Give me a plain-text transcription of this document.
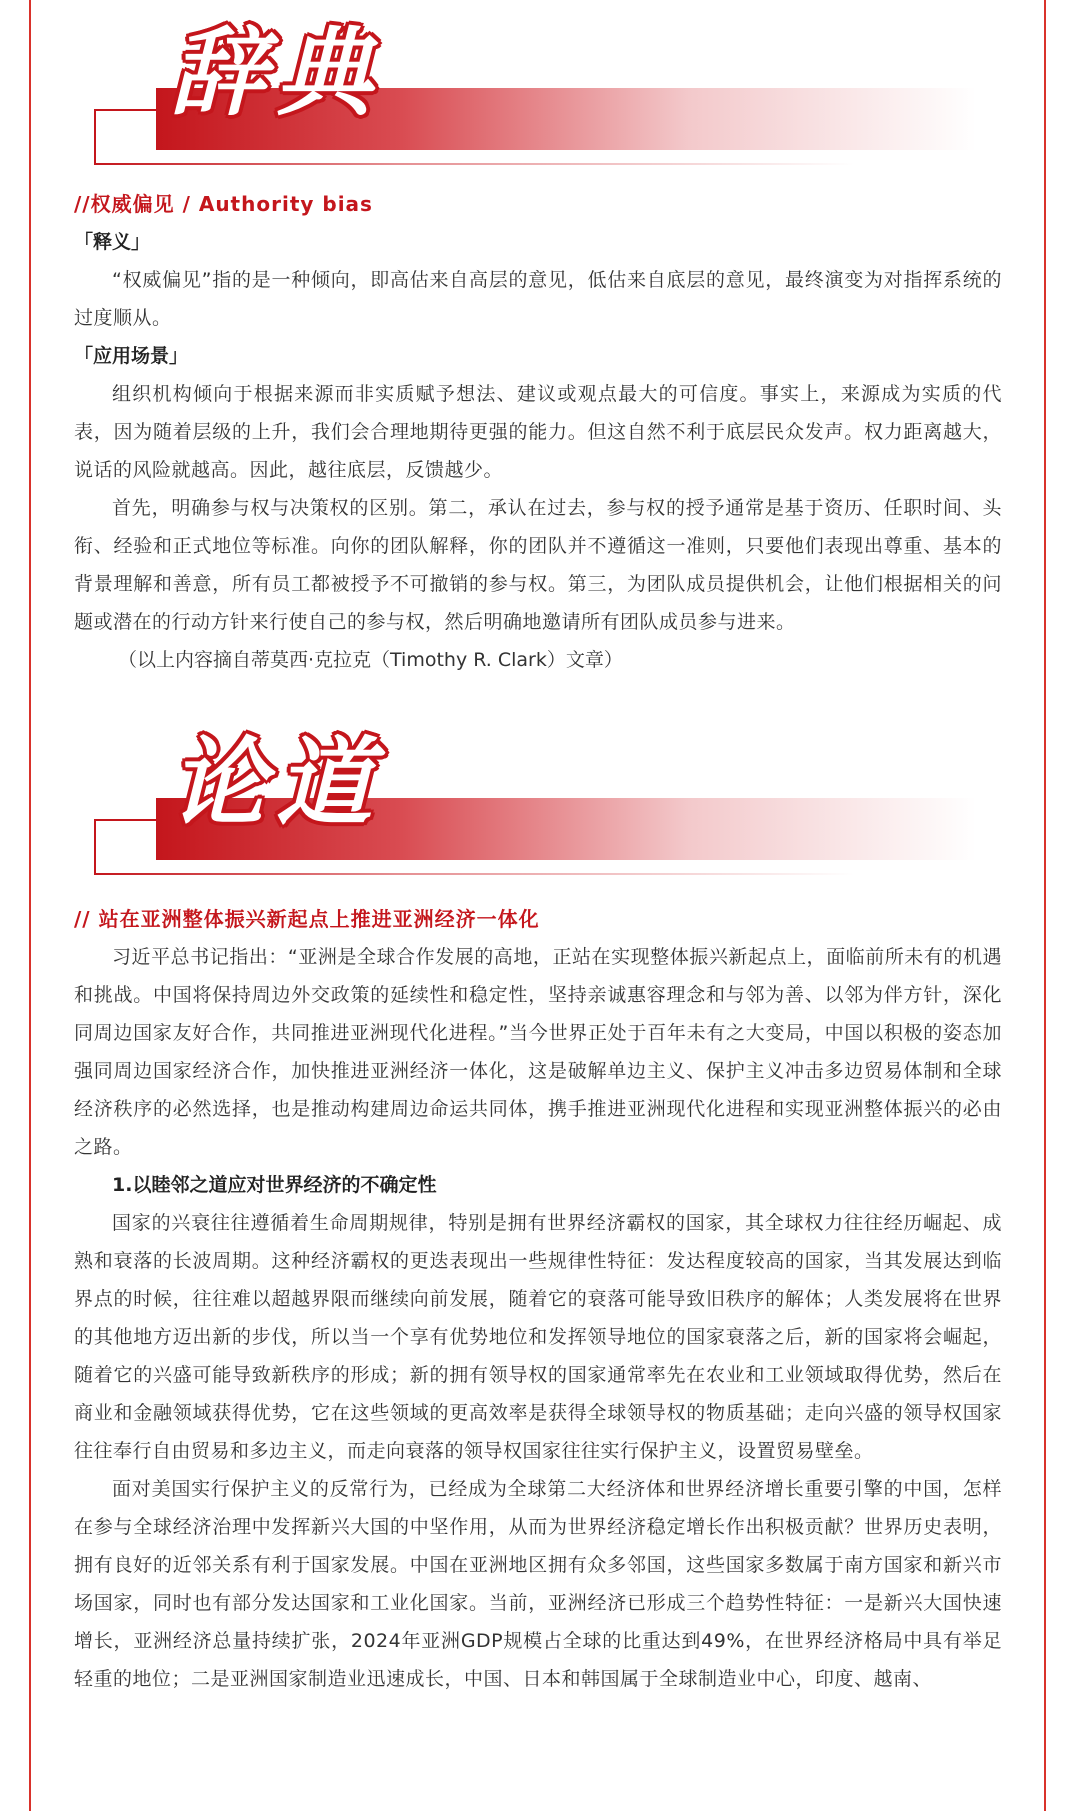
辞典

//权威偏见 / Authority bias

「释义」

“权威偏见”指的是一种倾向，即高估来自高层的意见，低估来自底层的意见，最终演变为对指挥系统的过度顺从。

「应用场景」

组织机构倾向于根据来源而非实质赋予想法、建议或观点最大的可信度。事实上，来源成为实质的代表，因为随着层级的上升，我们会合理地期待更强的能力。但这自然不利于底层民众发声。权力距离越大，说话的风险就越高。因此，越往底层，反馈越少。

首先，明确参与权与决策权的区别。第二，承认在过去，参与权的授予通常是基于资历、任职时间、头衔、经验和正式地位等标准。向你的团队解释，你的团队并不遵循这一准则，只要他们表现出尊重、基本的背景理解和善意，所有员工都被授予不可撤销的参与权。第三，为团队成员提供机会，让他们根据相关的问题或潜在的行动方针来行使自己的参与权，然后明确地邀请所有团队成员参与进来。

（以上内容摘自蒂莫西·克拉克（Timothy R. Clark）文章）

论道

// 站在亚洲整体振兴新起点上推进亚洲经济一体化

习近平总书记指出：“亚洲是全球合作发展的高地，正站在实现整体振兴新起点上，面临前所未有的机遇和挑战。中国将保持周边外交政策的延续性和稳定性，坚持亲诚惠容理念和与邻为善、以邻为伴方针，深化同周边国家友好合作，共同推进亚洲现代化进程。”当今世界正处于百年未有之大变局，中国以积极的姿态加强同周边国家经济合作，加快推进亚洲经济一体化，这是破解单边主义、保护主义冲击多边贸易体制和全球经济秩序的必然选择，也是推动构建周边命运共同体，携手推进亚洲现代化进程和实现亚洲整体振兴的必由之路。

1.以睦邻之道应对世界经济的不确定性

国家的兴衰往往遵循着生命周期规律，特别是拥有世界经济霸权的国家，其全球权力往往经历崛起、成熟和衰落的长波周期。这种经济霸权的更迭表现出一些规律性特征：发达程度较高的国家，当其发展达到临界点的时候，往往难以超越界限而继续向前发展，随着它的衰落可能导致旧秩序的解体；人类发展将在世界的其他地方迈出新的步伐，所以当一个享有优势地位和发挥领导地位的国家衰落之后，新的国家将会崛起，随着它的兴盛可能导致新秩序的形成；新的拥有领导权的国家通常率先在农业和工业领域取得优势，然后在商业和金融领域获得优势，它在这些领域的更高效率是获得全球领导权的物质基础；走向兴盛的领导权国家往往奉行自由贸易和多边主义，而走向衰落的领导权国家往往实行保护主义，设置贸易壁垒。

面对美国实行保护主义的反常行为，已经成为全球第二大经济体和世界经济增长重要引擎的中国，怎样在参与全球经济治理中发挥新兴大国的中坚作用，从而为世界经济稳定增长作出积极贡献？世界历史表明，拥有良好的近邻关系有利于国家发展。中国在亚洲地区拥有众多邻国，这些国家多数属于南方国家和新兴市场国家，同时也有部分发达国家和工业化国家。当前，亚洲经济已形成三个趋势性特征：一是新兴大国快速增长，亚洲经济总量持续扩张，2024年亚洲GDP规模占全球的比重达到49%，在世界经济格局中具有举足轻重的地位；二是亚洲国家制造业迅速成长，中国、日本和韩国属于全球制造业中心，印度、越南、
